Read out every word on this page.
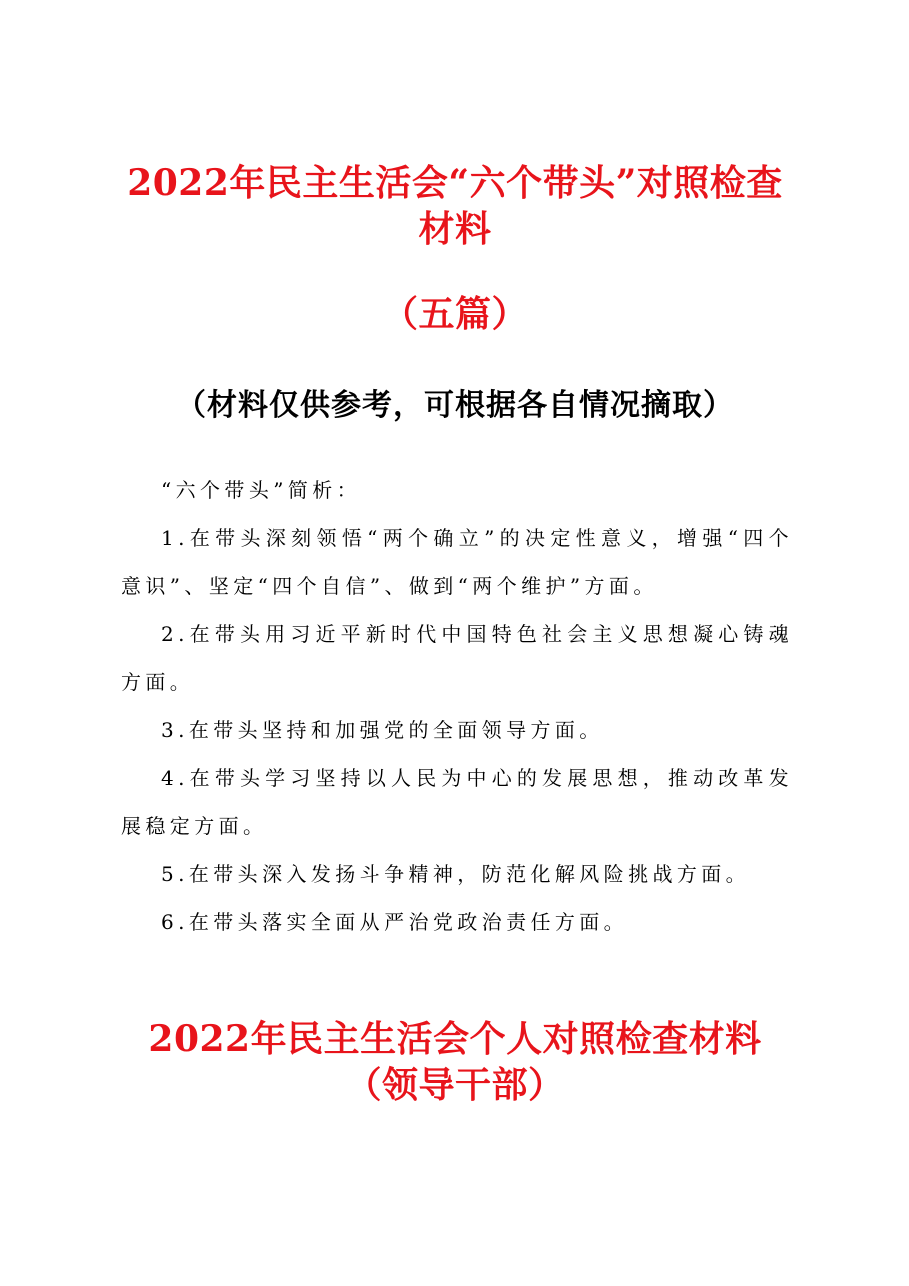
2022年民主生活会“六个带头”对照检查材料
（五篇）
（材料仅供参考，可根据各自情况摘取）

“六个带头”简析：

1.在带头深刻领悟“两个确立”的决定性意义，增强“四个意识”、坚定“四个自信”、做到“两个维护”方面。

2.在带头用习近平新时代中国特色社会主义思想凝心铸魂方面。

3.在带头坚持和加强党的全面领导方面。

4.在带头学习坚持以人民为中心的发展思想，推动改革发展稳定方面。

5.在带头深入发扬斗争精神，防范化解风险挑战方面。

6.在带头落实全面从严治党政治责任方面。

2022年民主生活会个人对照检查材料（领导干部）
